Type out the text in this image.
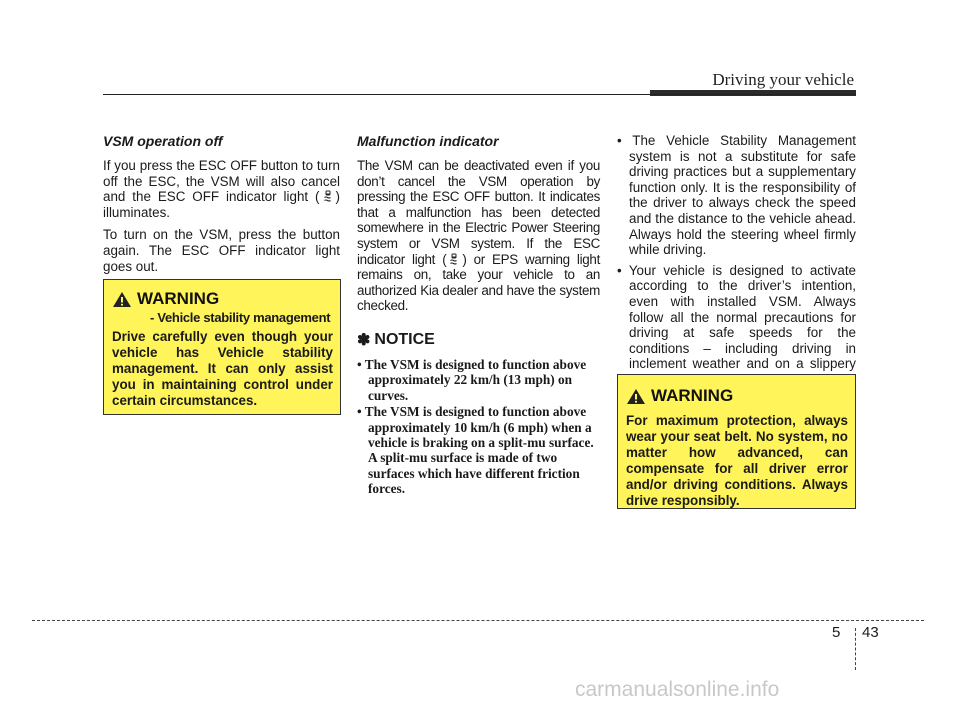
Driving your vehicle
VSM operation off

If you press the ESC OFF button to turn off the ESC, the VSM will also cancel and the ESC OFF indicator light ( ) illuminates.

To turn on the VSM, press the button again. The ESC OFF indicator light goes out.

WARNING
- Vehicle stability management
Drive carefully even though your vehicle has Vehicle stability management. It can only assist you in maintaining control under certain circumstances.
Malfunction indicator

The VSM can be deactivated even if you don’t cancel the VSM operation by pressing the ESC OFF button. It indicates that a malfunction has been detected somewhere in the Electric Power Steering system or VSM system. If the ESC indicator light ( ) or EPS warning light remains on, take your vehicle to an authorized Kia dealer and have the system checked.

✽ NOTICE
• The VSM is designed to function above approximately 22 km/h (13 mph) on curves.
• The VSM is designed to function above approximately 10 km/h (6 mph) when a vehicle is braking on a split-mu surface. A split-mu surface is made of two surfaces which have different friction forces.
• The Vehicle Stability Management system is not a substitute for safe driving practices but a supplementary function only. It is the responsibility of the driver to always check the speed and the distance to the vehicle ahead. Always hold the steering wheel firmly while driving.
• Your vehicle is designed to activate according to the driver’s intention, even with installed VSM. Always follow all the normal precautions for driving at safe speeds for the conditions – including driving in inclement weather and on a slippery
WARNING
For maximum protection, always wear your seat belt. No system, no matter how advanced, can compensate for all driver error and/or driving conditions. Always drive responsibly.
5 43
carmanualsonline.info
